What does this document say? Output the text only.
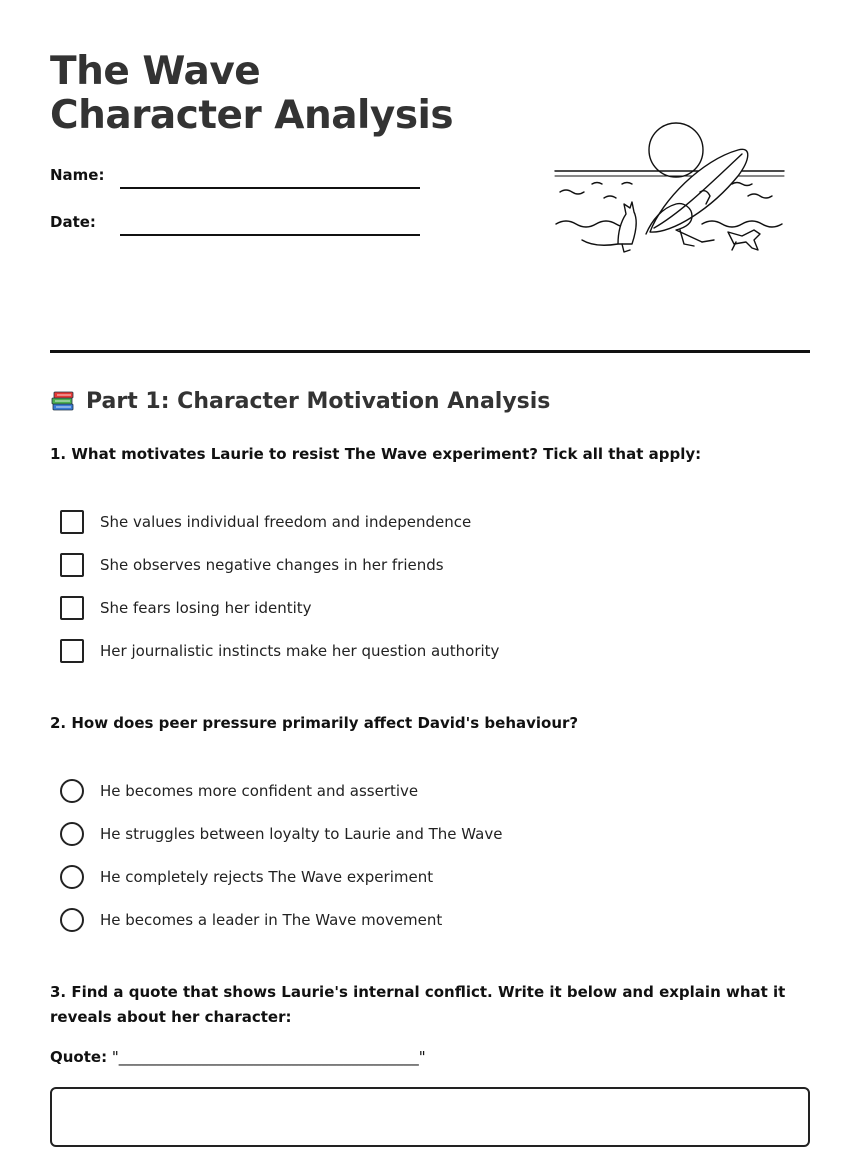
The Wave Character Analysis
Name:
Date:
Part 1: Character Motivation Analysis
1. What motivates Laurie to resist The Wave experiment? Tick all that apply:
She values individual freedom and independence
She observes negative changes in her friends
She fears losing her identity
Her journalistic instincts make her question authority
2. How does peer pressure primarily affect David's behaviour?
He becomes more confident and assertive
He struggles between loyalty to Laurie and The Wave
He completely rejects The Wave experiment
He becomes a leader in The Wave movement
3. Find a quote that shows Laurie's internal conflict. Write it below and explain what it reveals about her character:
Quote: "________________________________________"
